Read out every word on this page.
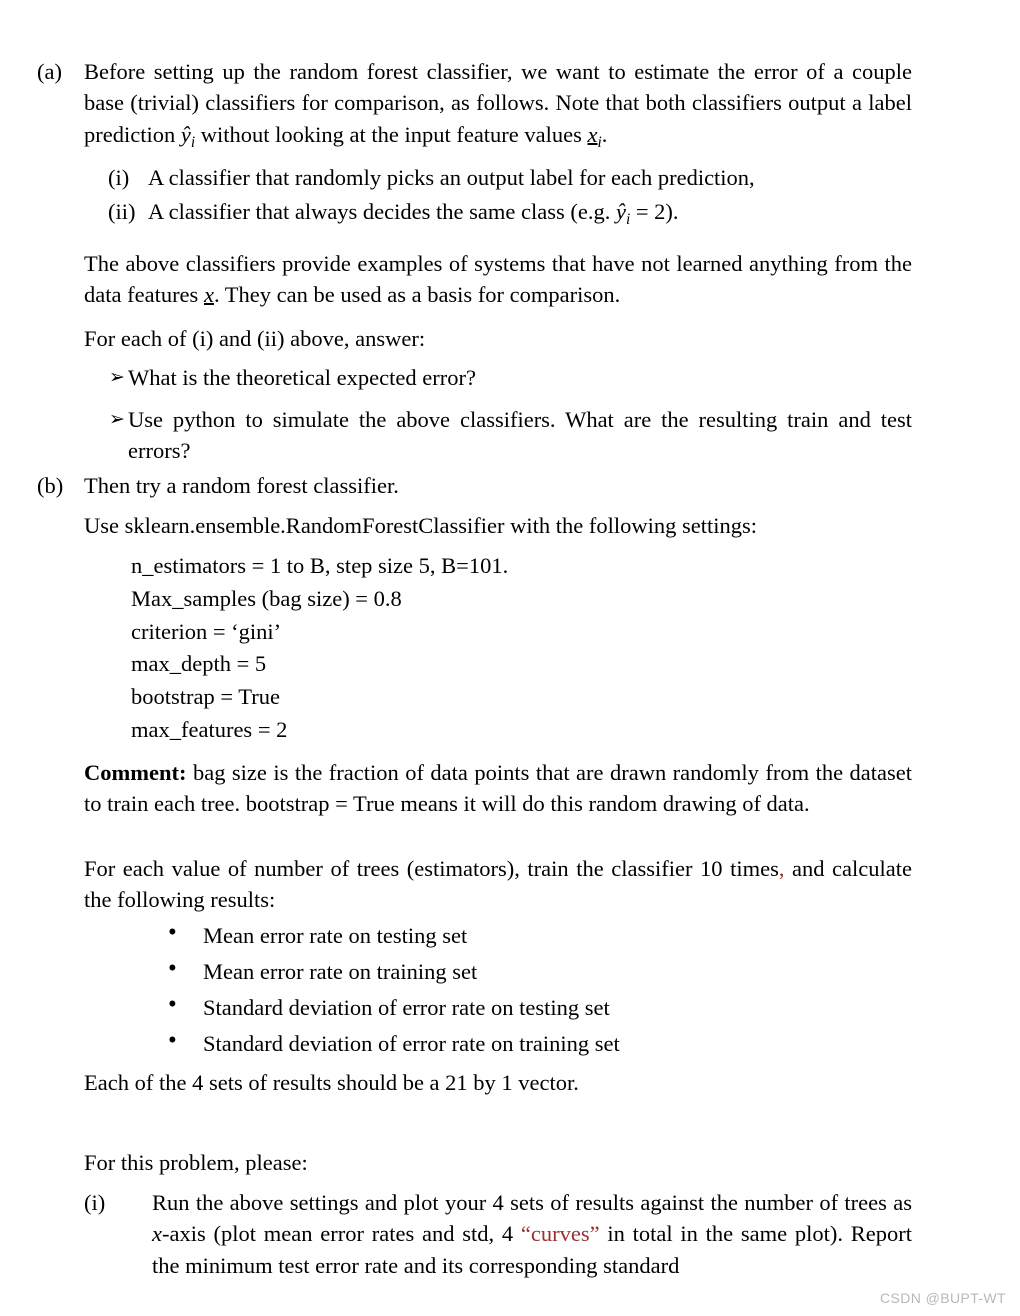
(a) Before setting up the random forest classifier, we want to estimate the error of a couple base (trivial) classifiers for comparison, as follows. Note that both classifiers output a label prediction $ŷ_i$ without looking at the input feature values $x_i$.
(i) A classifier that randomly picks an output label for each prediction,
(ii) A classifier that always decides the same class (e.g. $ŷ_i = 2$).
The above classifiers provide examples of systems that have not learned anything from the data features x. They can be used as a basis for comparison.
For each of (i) and (ii) above, answer:
➢ What is the theoretical expected error?
➢ Use python to simulate the above classifiers. What are the resulting train and test errors?
(b) Then try a random forest classifier.
Use sklearn.ensemble.RandomForestClassifier with the following settings:
n_estimators = 1 to B, step size 5, B=101.
Max_samples (bag size) = 0.8
criterion = ‘gini’
max_depth = 5
bootstrap = True
max_features = 2
Comment: bag size is the fraction of data points that are drawn randomly from the dataset to train each tree. bootstrap = True means it will do this random drawing of data.
For each value of number of trees (estimators), train the classifier 10 times, and calculate the following results:
• Mean error rate on testing set
• Mean error rate on training set
• Standard deviation of error rate on testing set
• Standard deviation of error rate on training set
Each of the 4 sets of results should be a 21 by 1 vector.
For this problem, please:
(i) Run the above settings and plot your 4 sets of results against the number of trees as x-axis (plot mean error rates and std, 4 “curves” in total in the same plot). Report the minimum test error rate and its corresponding standard
CSDN @BUPT-WT
